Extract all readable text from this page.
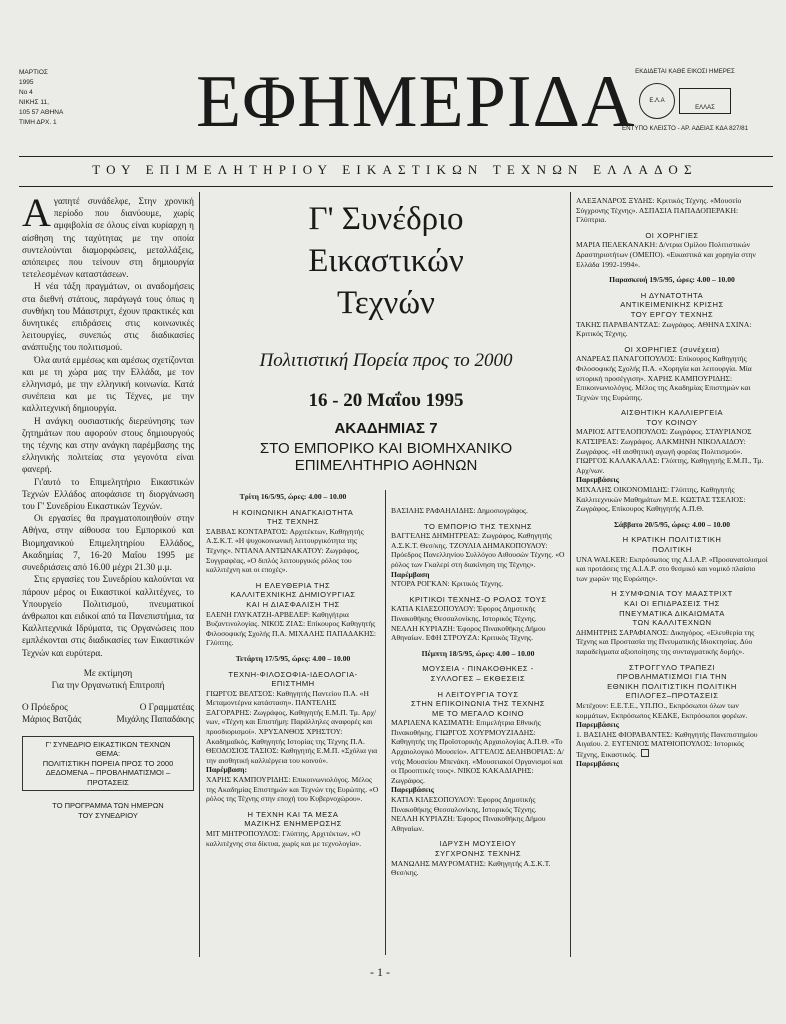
ΜΑΡΤΙΟΣ
1995
Νο 4
ΝΙΚΗΣ 11,
105 57 ΑΘΗΝΑ
ΤΙΜΗ ΔΡΧ. 1 ΕΦΗΜΕΡΙΔΑ ΕΚΔΙΔΕΤΑΙ ΚΑΘΕ ΕΙΚΟΣΙ ΗΜΕΡΕΣ
Ε.Λ.Α
ΕΛΛΑΣ
ΕΝΤΥΠΟ ΚΛΕΙΣΤΟ - ΑΡ. ΑΔΕΙΑΣ ΚΔΑ 827/81
ΤΟΥ ΕΠΙΜΕΛΗΤΗΡΙΟΥ ΕΙΚΑΣΤΙΚΩΝ ΤΕΧΝΩΝ ΕΛΛΑΔΟΣ
Α γαπητέ συνάδελφε, Στην χρονική περίοδο που διανύουμε, χωρίς αμφιβολία σε όλους είναι κυρίαρχη η αίσθηση της ταχύτητας με την οποία συντελούνται διαμορφώσεις, μεταλλάξεις, απόπειρες που τείνουν στη δημιουργία τετελεσμένων καταστάσεων.

Η νέα τάξη πραγμάτων, οι αναδομήσεις στα διεθνή στάτους, παράγωγά τους όπως η συνθήκη του Μάαστριχτ, έχουν πρακτικές και δυνητικές επιδράσεις στις κοινωνικές λειτουργίες, συνεπώς στις διαδικασίες ανάπτυξης του πολιτισμού.

Όλα αυτά εμμέσως και αμέσως σχετίζονται και με τη χώρα μας την Ελλάδα, με τον ελληνισμό, με την ελληνική κοινωνία. Κατά συνέπεια και με τις Τέχνες, με την καλλιτεχνική δημιουργία.

Η ανάγκη ουσιαστικής διερεύνησης των ζητημάτων που αφορούν στους δημιουργούς της τέχνης και στην ανάγκη παρέμβασης της ελληνικής πολιτείας στα γεγονότα είναι φανερή.

Γι'αυτό το Επιμελητήριο Εικαστικών Τεχνών Ελλάδος αποφάσισε τη διοργάνωση του Γ' Συνεδρίου Εικαστικών Τεχνών.

Οι εργασίες θα πραγματοποιηθούν στην Αθήνα, στην αίθουσα του Εμπορικού και Βιομηχανικού Επιμελητηρίου Ελλάδος, Ακαδημίας 7, 16-20 Μαΐου 1995 με συνεδριάσεις από 16.00 μέχρι 21.30 μ.μ.

Στις εργασίες του Συνεδρίου καλούνται να πάρουν μέρος οι Εικαστικοί καλλιτέχνες, το Υπουργείο Πολιτισμού, πνευματικοί άνθρωποι και ειδικοί από τα Πανεπιστήμια, τα Καλλιτεχνικά Ιδρύματα, τις Οργανώσεις που εμπλέκονται στις διαδικασίες των Εικαστικών Τεχνών και ευρύτερα.

Με εκτίμηση
Για την Οργανωτική Επιτροπή
Ο Πρόεδρος	Ο Γραμματέας
Μάριος Βατζιάς	Μιχάλης Παπαδάκης
Γ' ΣΥΝΕΔΡΙΟ ΕΙΚΑΣΤΙΚΩΝ ΤΕΧΝΩΝ
ΘΕΜΑ:
ΠΟΛΙΤΙΣΤΙΚΗ ΠΟΡΕΙΑ ΠΡΟΣ ΤΟ 2000
ΔΕΔΟΜΕΝΑ – ΠΡΟΒΛΗΜΑΤΙΣΜΟΙ – ΠΡΟΤΑΣΕΙΣ
ΤΟ ΠΡΟΓΡΑΜΜΑ ΤΩΝ ΗΜΕΡΩΝ
ΤΟΥ ΣΥΝΕΔΡΙΟΥ
Γ' Συνέδριο
Εικαστικών
Τεχνών
Πολιτιστική Πορεία προς το 2000
16 - 20 Μαΐου 1995
ΑΚΑΔΗΜΙΑΣ 7
ΣΤΟ ΕΜΠΟΡΙΚΟ ΚΑΙ ΒΙΟΜΗΧΑΝΙΚΟ
ΕΠΙΜΕΛΗΤΗΡΙΟ ΑΘΗΝΩΝ
Τρίτη 16/5/95, ώρες: 4.00 – 10.00
Η ΚΟΙΝΩΝΙΚΗ ΑΝΑΓΚΑΙΟΤΗΤΑ
ΤΗΣ ΤΕΧΝΗΣ
ΣΑΒΒΑΣ ΚΟΝΤΑΡΑΤΟΣ: Αρχιτέκτων, Καθηγητής Α.Σ.Κ.Τ. «Η ψυχοκοινωνική λειτουργικότητα της Τέχνης». ΝΤΙΑΝΑ ΑΝΤΩΝΑΚΑΤΟΥ: Ζωγράφος, Συγγραφέας, «Ο διπλός λειτουργικός ρόλος του καλλιτέχνη και οι εποχές».
Η ΕΛΕΥΘΕΡΙΑ ΤΗΣ
ΚΑΛΛΙΤΕΧΝΙΚΗΣ ΔΗΜΙΟΥΡΓΙΑΣ
ΚΑΙ Η ΔΙΑΣΦΑΛΙΣΗ ΤΗΣ
ΕΛΕΝΗ ΓΛΥΚΑΤΖΗ-ΑΡΒΕΛΕΡ: Καθηγήτρια Βυζαντινολογίας. ΝΙΚΟΣ ΖΙΑΣ: Επίκουρος Καθηγητής Φιλοσοφικής Σχολής Π.Α. ΜΙΧΑΛΗΣ ΠΑΠΑΔΑΚΗΣ: Γλύπτης.
Τετάρτη 17/5/95, ώρες: 4.00 – 10.00
ΤΕΧΝΗ-ΦΙΛΟΣΟΦΙΑ-ΙΔΕΟΛΟΓΙΑ-
ΕΠΙΣΤΗΜΗ
ΓΙΩΡΓΟΣ ΒΕΛΤΣΟΣ: Καθηγητής Παντείου Π.Α. «Η Μεταμοντέρνα κατάσταση». ΠΑΝΤΕΛΗΣ ΞΑΓΟΡΑΡΗΣ: Ζωγράφος, Καθηγητής Ε.Μ.Π. Τμ. Αρχ/νων, «Τέχνη και Επιστήμη: Παράλληλες αναφορές και προσδιορισμοί». ΧΡΥΣΑΝΘΟΣ ΧΡΗΣΤΟΥ: Ακαδημαϊκός, Καθηγητής Ιστορίας της Τέχνης Π.Α. ΘΕΟΔΟΣΙΟΣ ΤΑΣΙΟΣ: Καθηγητής Ε.Μ.Π. «Σχόλια για την αισθητική καλλιέργεια του κοινού».
Παρέμβαση:
ΧΑΡΗΣ ΚΑΜΠΟΥΡΙΔΗΣ: Επικοινωνιολόγος. Μέλος της Ακαδημίας Επιστημών και Τεχνών της Ευρώπης. «Ο ρόλος της Τέχνης στην εποχή του Κυβερνοχώρου».
Η ΤΕΧΝΗ ΚΑΙ ΤΑ ΜΕΣΑ
ΜΑΖΙΚΗΣ ΕΝΗΜΕΡΩΣΗΣ
ΜΙΤ ΜΗΤΡΟΠΟΥΛΟΣ: Γλύπτης, Αρχιτέκτων, «Ο καλλιτέχνης στα δίκτυα, χωρίς και με τεχνολογία».
ΒΑΣΙΛΗΣ ΡΑΦΑΗΛΙΔΗΣ: Δημοσιογράφος.
ΤΟ ΕΜΠΟΡΙΟ ΤΗΣ ΤΕΧΝΗΣ
ΒΑΓΓΕΛΗΣ ΔΗΜΗΤΡΕΑΣ: Ζωγράφος, Καθηγητής Α.Σ.Κ.Τ. Θεσ/κης. ΤΖΟΥΛΙΑ ΔΗΜΑΚΟΠΟΥΛΟΥ: Πρόεδρος Πανελληνίου Συλλόγου Αιθουσών Τέχνης. «Ο ρόλος των Γκαλερί στη διακίνηση της Τέχνης».
Παρέμβαση
ΝΤΟΡΑ ΡΟΓΚΑΝ: Κριτικός Τέχνης.
ΚΡΙΤΙΚΟΙ ΤΕΧΝΗΣ-Ο ΡΟΛΟΣ ΤΟΥΣ
ΚΑΤΙΑ ΚΙΛΕΣΟΠΟΥΛΟΥ: Έφορος Δημοτικής Πινακοθήκης Θεσσαλονίκης, Ιστορικός Τέχνης. ΝΕΛΛΗ ΚΥΡΙΑΖΗ: Έφορος Πινακοθήκης Δήμου Αθηναίων. ΕΦΗ ΣΤΡΟΥΖΑ: Κριτικός Τέχνης.
Πέμπτη 18/5/95, ώρες: 4.00 – 10.00
ΜΟΥΣΕΙΑ - ΠΙΝΑΚΟΘΗΚΕΣ -
ΣΥΛΛΟΓΕΣ – ΕΚΘΕΣΕΙΣ
Η ΛΕΙΤΟΥΡΓΙΑ ΤΟΥΣ
ΣΤΗΝ ΕΠΙΚΟΙΝΩΝΙΑ ΤΗΣ ΤΕΧΝΗΣ
ΜΕ ΤΟ ΜΕΓΑΛΟ ΚΟΙΝΟ
ΜΑΡΙΛΕΝΑ ΚΑΣΙΜΑΤΗ: Επιμελήτρια Εθνικής Πινακοθήκης. ΓΙΩΡΓΟΣ ΧΟΥΡΜΟΥΖΙΑΔΗΣ: Καθηγητής της Προϊστορικής Αρχαιολογίας Α.Π.Θ. «Το Αρχαιολογικό Μουσείο». ΑΓΓΕΛΟΣ ΔΕΛΗΒΟΡΙΑΣ: Δ/ντής Μουσείου Μπενάκη. «Μουσειακοί Οργανισμοί και οι Προοπτικές τους». ΝΙΚΟΣ ΚΑΚΑΔΙΑΡΗΣ: Ζωγράφος.
Παρεμβάσεις
ΚΑΤΙΑ ΚΙΛΕΣΟΠΟΥΛΟΥ: Έφορος Δημοτικής Πινακοθήκης Θεσσαλονίκης, Ιστορικός Τέχνης. ΝΕΛΛΗ ΚΥΡΙΑΖΗ: Έφορος Πινακοθήκης Δήμου Αθηναίων.
ΙΔΡΥΣΗ ΜΟΥΣΕΙΟΥ
ΣΥΓΧΡΟΝΗΣ ΤΕΧΝΗΣ
ΜΑΝΩΛΗΣ ΜΑΥΡΟΜΑΤΗΣ: Καθηγητής Α.Σ.Κ.Τ. Θεσ/κης.
ΑΛΕΞΑΝΔΡΟΣ ΞΥΔΗΣ: Κριτικός Τέχνης. «Μουσείο Σύγχρονης Τέχνης». ΑΣΠΑΣΙΑ ΠΑΠΑΔΟΠΕΡΑΚΗ: Γλύπτρια.
ΟΙ ΧΟΡΗΓΙΕΣ
ΜΑΡΙΑ ΠΕΛΕΚΑΝΑΚΗ: Δ/ντρια Ομίλου Πολιτιστικών Δραστηριοτήτων (ΟΜΕΠΟ). «Εικαστικά και χορηγία στην Ελλάδα 1992-1994».
Παρασκευή 19/5/95, ώρες: 4.00 – 10.00
Η ΔΥΝΑΤΟΤΗΤΑ
ΑΝΤΙΚΕΙΜΕΝΙΚΗΣ ΚΡΙΣΗΣ
ΤΟΥ ΕΡΓΟΥ ΤΕΧΝΗΣ
ΤΑΚΗΣ ΠΑΡΑΒΑΝΤΖΑΣ: Ζωγράφος. ΑΘΗΝΑ ΣΧΙΝΑ: Κριτικός Τέχνης.
ΟΙ ΧΟΡΗΓΙΕΣ (συνέχεια)
ΑΝΔΡΕΑΣ ΠΑΝΑΓΟΠΟΥΛΟΣ: Επίκουρος Καθηγητής Φιλοσοφικής Σχολής Π.Α. «Χορηγία και λειτουργία. Μία ιστορική προσέγγιση». ΧΑΡΗΣ ΚΑΜΠΟΥΡΙΔΗΣ: Επικοινωνιολόγος. Μέλος της Ακαδημίας Επιστημών και Τεχνών της Ευρώπης.
ΑΙΣΘΗΤΙΚΗ ΚΑΛΛΙΕΡΓΕΙΑ
ΤΟΥ ΚΟΙΝΟΥ
ΜΑΡΙΟΣ ΑΓΓΕΛΟΠΟΥΛΟΣ: Ζωγράφος. ΣΤΑΥΡΙΑΝΟΣ ΚΑΤΣΙΡΕΑΣ: Ζωγράφος. ΑΛΚΜΗΝΗ ΝΙΚΟΛΑΙΔΟΥ: Ζωγράφος. «Η αισθητική αγωγή φορέας Πολιτισμού». ΓΙΩΡΓΟΣ ΚΑΛΑΚΑΛΑΣ: Γλύπτης, Καθηγητής Ε.Μ.Π., Τμ. Αρχ/νων.
Παρεμβάσεις
ΜΙΧΑΛΗΣ ΟΙΚΟΝΟΜΙΔΗΣ: Γλύπτης, Καθηγητής Καλλιτεχνικών Μαθημάτων Μ.Ε. ΚΩΣΤΑΣ ΤΣΕΛΙΟΣ: Ζωγράφος, Επίκουρος Καθηγητής Α.Π.Θ.
Σάββατο 20/5/95, ώρες: 4.00 – 10.00
Η ΚΡΑΤΙΚΗ ΠΟΛΙΤΙΣΤΙΚΗ
ΠΟΛΙΤΙΚΗ
UNA WALKER: Εκπρόσωπος της Α.Ι.Α.Ρ. «Προσανατολισμοί και προτάσεις της Α.Ι.Α.Ρ. στο θεσμικό και νομικό πλαίσιο των χωρών της Ευρώπης».
Η ΣΥΜΦΩΝΙΑ ΤΟΥ ΜΑΑΣΤΡΙΧΤ
ΚΑΙ ΟΙ ΕΠΙΔΡΑΣΕΙΣ ΤΗΣ
ΠΝΕΥΜΑΤΙΚΑ ΔΙΚΑΙΩΜΑΤΑ
ΤΩΝ ΚΑΛΛΙΤΕΧΝΩΝ
ΔΗΜΗΤΡΗΣ ΣΑΡΑΦΙΑΝΟΣ: Δικηγόρος. «Ελευθερία της Τέχνης και Προστασία της Πνευματικής Ιδιοκτησίας. Δύο παραδείγματα αξιοποίησης της συνταγματικής δομής».
ΣΤΡΟΓΓΥΛΟ ΤΡΑΠΕΖΙ
ΠΡΟΒΛΗΜΑΤΙΣΜΟΙ ΓΙΑ ΤΗΝ
ΕΘΝΙΚΗ ΠΟΛΙΤΙΣΤΙΚΗ ΠΟΛΙΤΙΚΗ
ΕΠΙΛΟΓΕΣ–ΠΡΟΤΑΣΕΙΣ
Μετέχουν: Ε.Ε.Τ.Ε., ΥΠ.ΠΟ., Εκπρόσωποι όλων των κομμάτων, Εκπρόσωπος ΚΕΔΚΕ, Εκπρόσωποι φορέων.
Παρεμβάσεις
1. ΒΑΣΙΛΗΣ ΦΙΟΡΑΒΑΝΤΕΣ: Καθηγητής Πανεπιστημίου Αιγαίου. 2. ΕΥΓΕΝΙΟΣ ΜΑΤΘΙΟΠΟΥΛΟΣ: Ιστορικός Τέχνης, Εικαστικός.
Παρεμβάσεις
- 1 -
